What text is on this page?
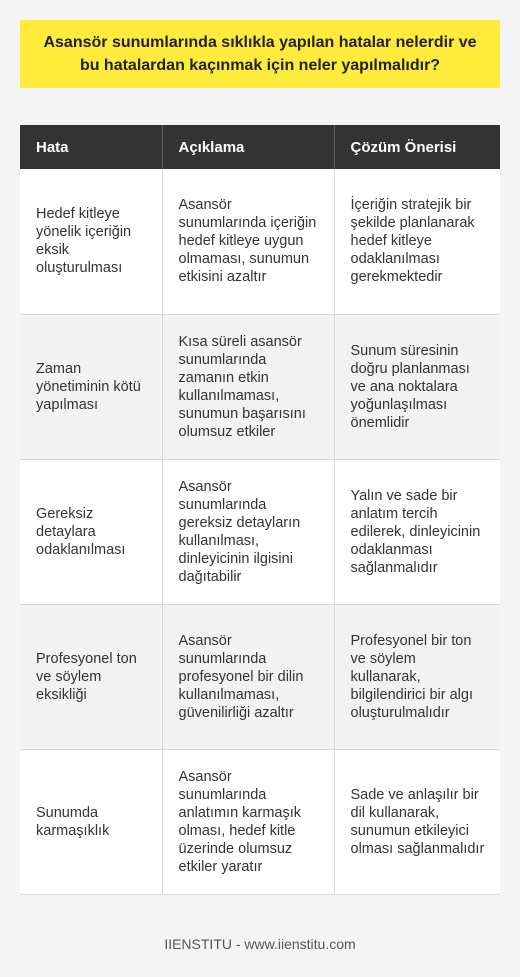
Asansör sunumlarında sıklıkla yapılan hatalar nelerdir ve bu hatalardan kaçınmak için neler yapılmalıdır?
Hata	Açıklama	Çözüm Önerisi
Hedef kitleye yönelik içeriğin eksik oluşturulması	Asansör sunumlarında içeriğin hedef kitleye uygun olmaması, sunumun etkisini azaltır	İçeriğin stratejik bir şekilde planlanarak hedef kitleye odaklanılması gerekmektedir
Zaman yönetiminin kötü yapılması	Kısa süreli asansör sunumlarında zamanın etkin kullanılmaması, sunumun başarısını olumsuz etkiler	Sunum süresinin doğru planlanması ve ana noktalara yoğunlaşılması önemlidir
Gereksiz detaylara odaklanılması	Asansör sunumlarında gereksiz detayların kullanılması, dinleyicinin ilgisini dağıtabilir	Yalın ve sade bir anlatım tercih edilerek, dinleyicinin odaklanması sağlanmalıdır
Profesyonel ton ve söylem eksikliği	Asansör sunumlarında profesyonel bir dilin kullanılmaması, güvenilirliği azaltır	Profesyonel bir ton ve söylem kullanarak, bilgilendirici bir algı oluşturulmalıdır
Sunumda karmaşıklık	Asansör sunumlarında anlatımın karmaşık olması, hedef kitle üzerinde olumsuz etkiler yaratır	Sade ve anlaşılır bir dil kullanarak, sunumun etkileyici olması sağlanmalıdır
IIENSTITU - www.iienstitu.com
